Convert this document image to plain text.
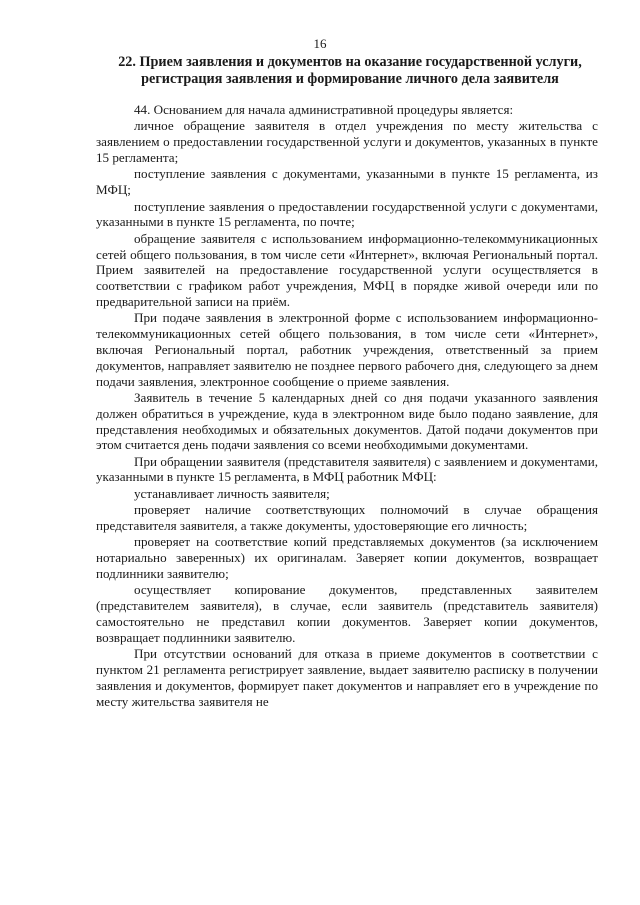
16
22. Прием заявления и документов на оказание государственной услуги, регистрация заявления и формирование личного дела заявителя

44. Основанием для начала административной процедуры является:

личное обращение заявителя в отдел учреждения по месту жительства с заявлением о предоставлении государственной услуги и документов, указанных в пункте 15 регламента;

поступление заявления с документами, указанными в пункте 15 регламента, из МФЦ;

поступление заявления о предоставлении государственной услуги с документами, указанными в пункте 15 регламента, по почте;

обращение заявителя с использованием информационно-телекоммуникационных сетей общего пользования, в том числе сети «Интернет», включая Региональный портал. Прием заявителей на предоставление государственной услуги осуществляется в соответствии с графиком работ учреждения, МФЦ в порядке живой очереди или по предварительной записи на приём.

При подаче заявления в электронной форме с использованием информационно-телекоммуникационных сетей общего пользования, в том числе сети «Интернет», включая Региональный портал, работник учреждения, ответственный за прием документов, направляет заявителю не позднее первого рабочего дня, следующего за днем подачи заявления, электронное сообщение о приеме заявления.

Заявитель в течение 5 календарных дней со дня подачи указанного заявления должен обратиться в учреждение, куда в электронном виде было подано заявление, для представления необходимых и обязательных документов. Датой подачи документов при этом считается день подачи заявления со всеми необходимыми документами.

При обращении заявителя (представителя заявителя) с заявлением и документами, указанными в пункте 15 регламента, в МФЦ работник МФЦ:

устанавливает личность заявителя;

проверяет наличие соответствующих полномочий в случае обращения представителя заявителя, а также документы, удостоверяющие его личность;

проверяет на соответствие копий представляемых документов (за исключением нотариально заверенных) их оригиналам. Заверяет копии документов, возвращает подлинники заявителю;

осуществляет копирование документов, представленных заявителем (представителем заявителя), в случае, если заявитель (представитель заявителя) самостоятельно не представил копии документов. Заверяет копии документов, возвращает подлинники заявителю.

При отсутствии оснований для отказа в приеме документов в соответствии с пунктом 21 регламента регистрирует заявление, выдает заявителю расписку в получении заявления и документов, формирует пакет документов и направляет его в учреждение по месту жительства заявителя не
